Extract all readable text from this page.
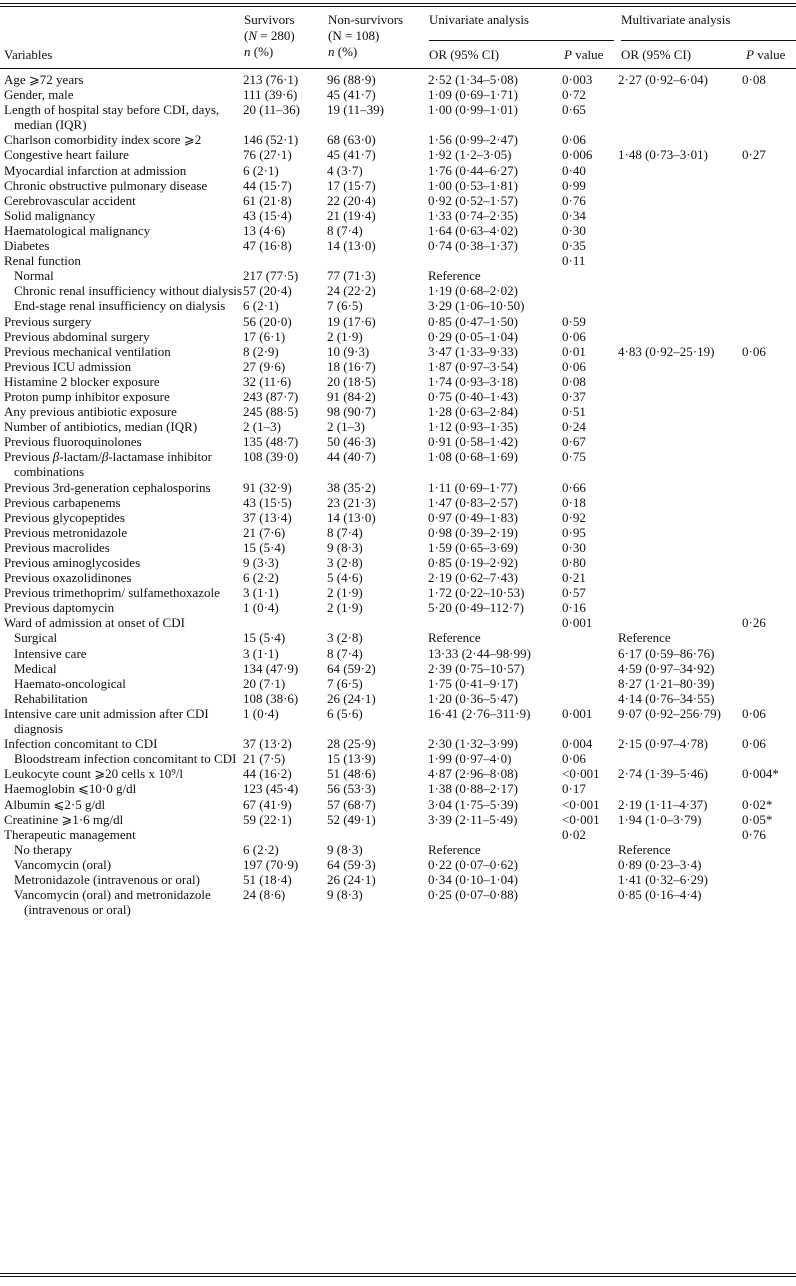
Variables
Survivors
(N = 280)
n (%)
Non-survivors
(N = 108)
n (%)
Univariate analysis
OR (95% CI)	P value
Multivariate analysis
OR (95% CI)	P value
Age ⩾72 years	213 (76·1)	96 (88·9)	2·52 (1·34–5·08)	0·003	2·27 (0·92–6·04)	0·08
Gender, male	111 (39·6)	45 (41·7)	1·09 (0·69–1·71)	0·72		
Length of hospital stay before CDI, days, median (IQR)	20 (11–36)	19 (11–39)	1·00 (0·99–1·01)	0·65		
Charlson comorbidity index score ⩾2	146 (52·1)	68 (63·0)	1·56 (0·99–2·47)	0·06		
Congestive heart failure	76 (27·1)	45 (41·7)	1·92 (1·2–3·05)	0·006	1·48 (0·73–3·01)	0·27
Myocardial infarction at admission	6 (2·1)	4 (3·7)	1·76 (0·44–6·27)	0·40		
Chronic obstructive pulmonary disease	44 (15·7)	17 (15·7)	1·00 (0·53–1·81)	0·99		
Cerebrovascular accident	61 (21·8)	22 (20·4)	0·92 (0·52–1·57)	0·76		
Solid malignancy	43 (15·4)	21 (19·4)	1·33 (0·74–2·35)	0·34		
Haematological malignancy	13 (4·6)	8 (7·4)	1·64 (0·63–4·02)	0·30		
Diabetes	47 (16·8)	14 (13·0)	0·74 (0·38–1·37)	0·35		
Renal function				0·11		
Normal	217 (77·5)	77 (71·3)	Reference			
Chronic renal insufficiency without dialysis	57 (20·4)	24 (22·2)	1·19 (0·68–2·02)			
End-stage renal insufficiency on dialysis	6 (2·1)	7 (6·5)	3·29 (1·06–10·50)			
Previous surgery	56 (20·0)	19 (17·6)	0·85 (0·47–1·50)	0·59		
Previous abdominal surgery	17 (6·1)	2 (1·9)	0·29 (0·05–1·04)	0·06		
Previous mechanical ventilation	8 (2·9)	10 (9·3)	3·47 (1·33–9·33)	0·01	4·83 (0·92–25·19)	0·06
Previous ICU admission	27 (9·6)	18 (16·7)	1·87 (0·97–3·54)	0·06		
Histamine 2 blocker exposure	32 (11·6)	20 (18·5)	1·74 (0·93–3·18)	0·08		
Proton pump inhibitor exposure	243 (87·7)	91 (84·2)	0·75 (0·40–1·43)	0·37		
Any previous antibiotic exposure	245 (88·5)	98 (90·7)	1·28 (0·63–2·84)	0·51		
Number of antibiotics, median (IQR)	2 (1–3)	2 (1–3)	1·12 (0·93–1·35)	0·24		
Previous fluoroquinolones	135 (48·7)	50 (46·3)	0·91 (0·58–1·42)	0·67		
Previous β-lactam/β-lactamase inhibitor combinations	108 (39·0)	44 (40·7)	1·08 (0·68–1·69)	0·75		
Previous 3rd-generation cephalosporins	91 (32·9)	38 (35·2)	1·11 (0·69–1·77)	0·66		
Previous carbapenems	43 (15·5)	23 (21·3)	1·47 (0·83–2·57)	0·18		
Previous glycopeptides	37 (13·4)	14 (13·0)	0·97 (0·49–1·83)	0·92		
Previous metronidazole	21 (7·6)	8 (7·4)	0·98 (0·39–2·19)	0·95		
Previous macrolides	15 (5·4)	9 (8·3)	1·59 (0·65–3·69)	0·30		
Previous aminoglycosides	9 (3·3)	3 (2·8)	0·85 (0·19–2·92)	0·80		
Previous oxazolidinones	6 (2·2)	5 (4·6)	2·19 (0·62–7·43)	0·21		
Previous trimethoprim/ sulfamethoxazole	3 (1·1)	2 (1·9)	1·72 (0·22–10·53)	0·57		
Previous daptomycin	1 (0·4)	2 (1·9)	5·20 (0·49–112·7)	0·16		
Ward of admission at onset of CDI				0·001		0·26
Surgical	15 (5·4)	3 (2·8)	Reference		Reference	
Intensive care	3 (1·1)	8 (7·4)	13·33 (2·44–98·99)		6·17 (0·59–86·76)	
Medical	134 (47·9)	64 (59·2)	2·39 (0·75–10·57)		4·59 (0·97–34·92)	
Haemato-oncological	20 (7·1)	7 (6·5)	1·75 (0·41–9·17)		8·27 (1·21–80·39)	
Rehabilitation	108 (38·6)	26 (24·1)	1·20 (0·36–5·47)		4·14 (0·76–34·55)	
Intensive care unit admission after CDI diagnosis	1 (0·4)	6 (5·6)	16·41 (2·76–311·9)	0·001	9·07 (0·92–256·79)	0·06
Infection concomitant to CDI	37 (13·2)	28 (25·9)	2·30 (1·32–3·99)	0·004	2·15 (0·97–4·78)	0·06
Bloodstream infection concomitant to CDI	21 (7·5)	15 (13·9)	1·99 (0·97–4·0)	0·06		
Leukocyte count ⩾20 cells x 10⁹/l	44 (16·2)	51 (48·6)	4·87 (2·96–8·08)	<0·001	2·74 (1·39–5·46)	0·004*
Haemoglobin ⩽10·0 g/dl	123 (45·4)	56 (53·3)	1·38 (0·88–2·17)	0·17		
Albumin ⩽2·5 g/dl	67 (41·9)	57 (68·7)	3·04 (1·75–5·39)	<0·001	2·19 (1·11–4·37)	0·02*
Creatinine ⩾1·6 mg/dl	59 (22·1)	52 (49·1)	3·39 (2·11–5·49)	<0·001	1·94 (1·0–3·79)	0·05*
Therapeutic management				0·02		0·76
No therapy	6 (2·2)	9 (8·3)	Reference		Reference	
Vancomycin (oral)	197 (70·9)	64 (59·3)	0·22 (0·07–0·62)		0·89 (0·23–3·4)	
Metronidazole (intravenous or oral)	51 (18·4)	26 (24·1)	0·34 (0·10–1·04)		1·41 (0·32–6·29)	
Vancomycin (oral) and metronidazole (intravenous or oral)	24 (8·6)	9 (8·3)	0·25 (0·07–0·88)		0·85 (0·16–4·4)	
